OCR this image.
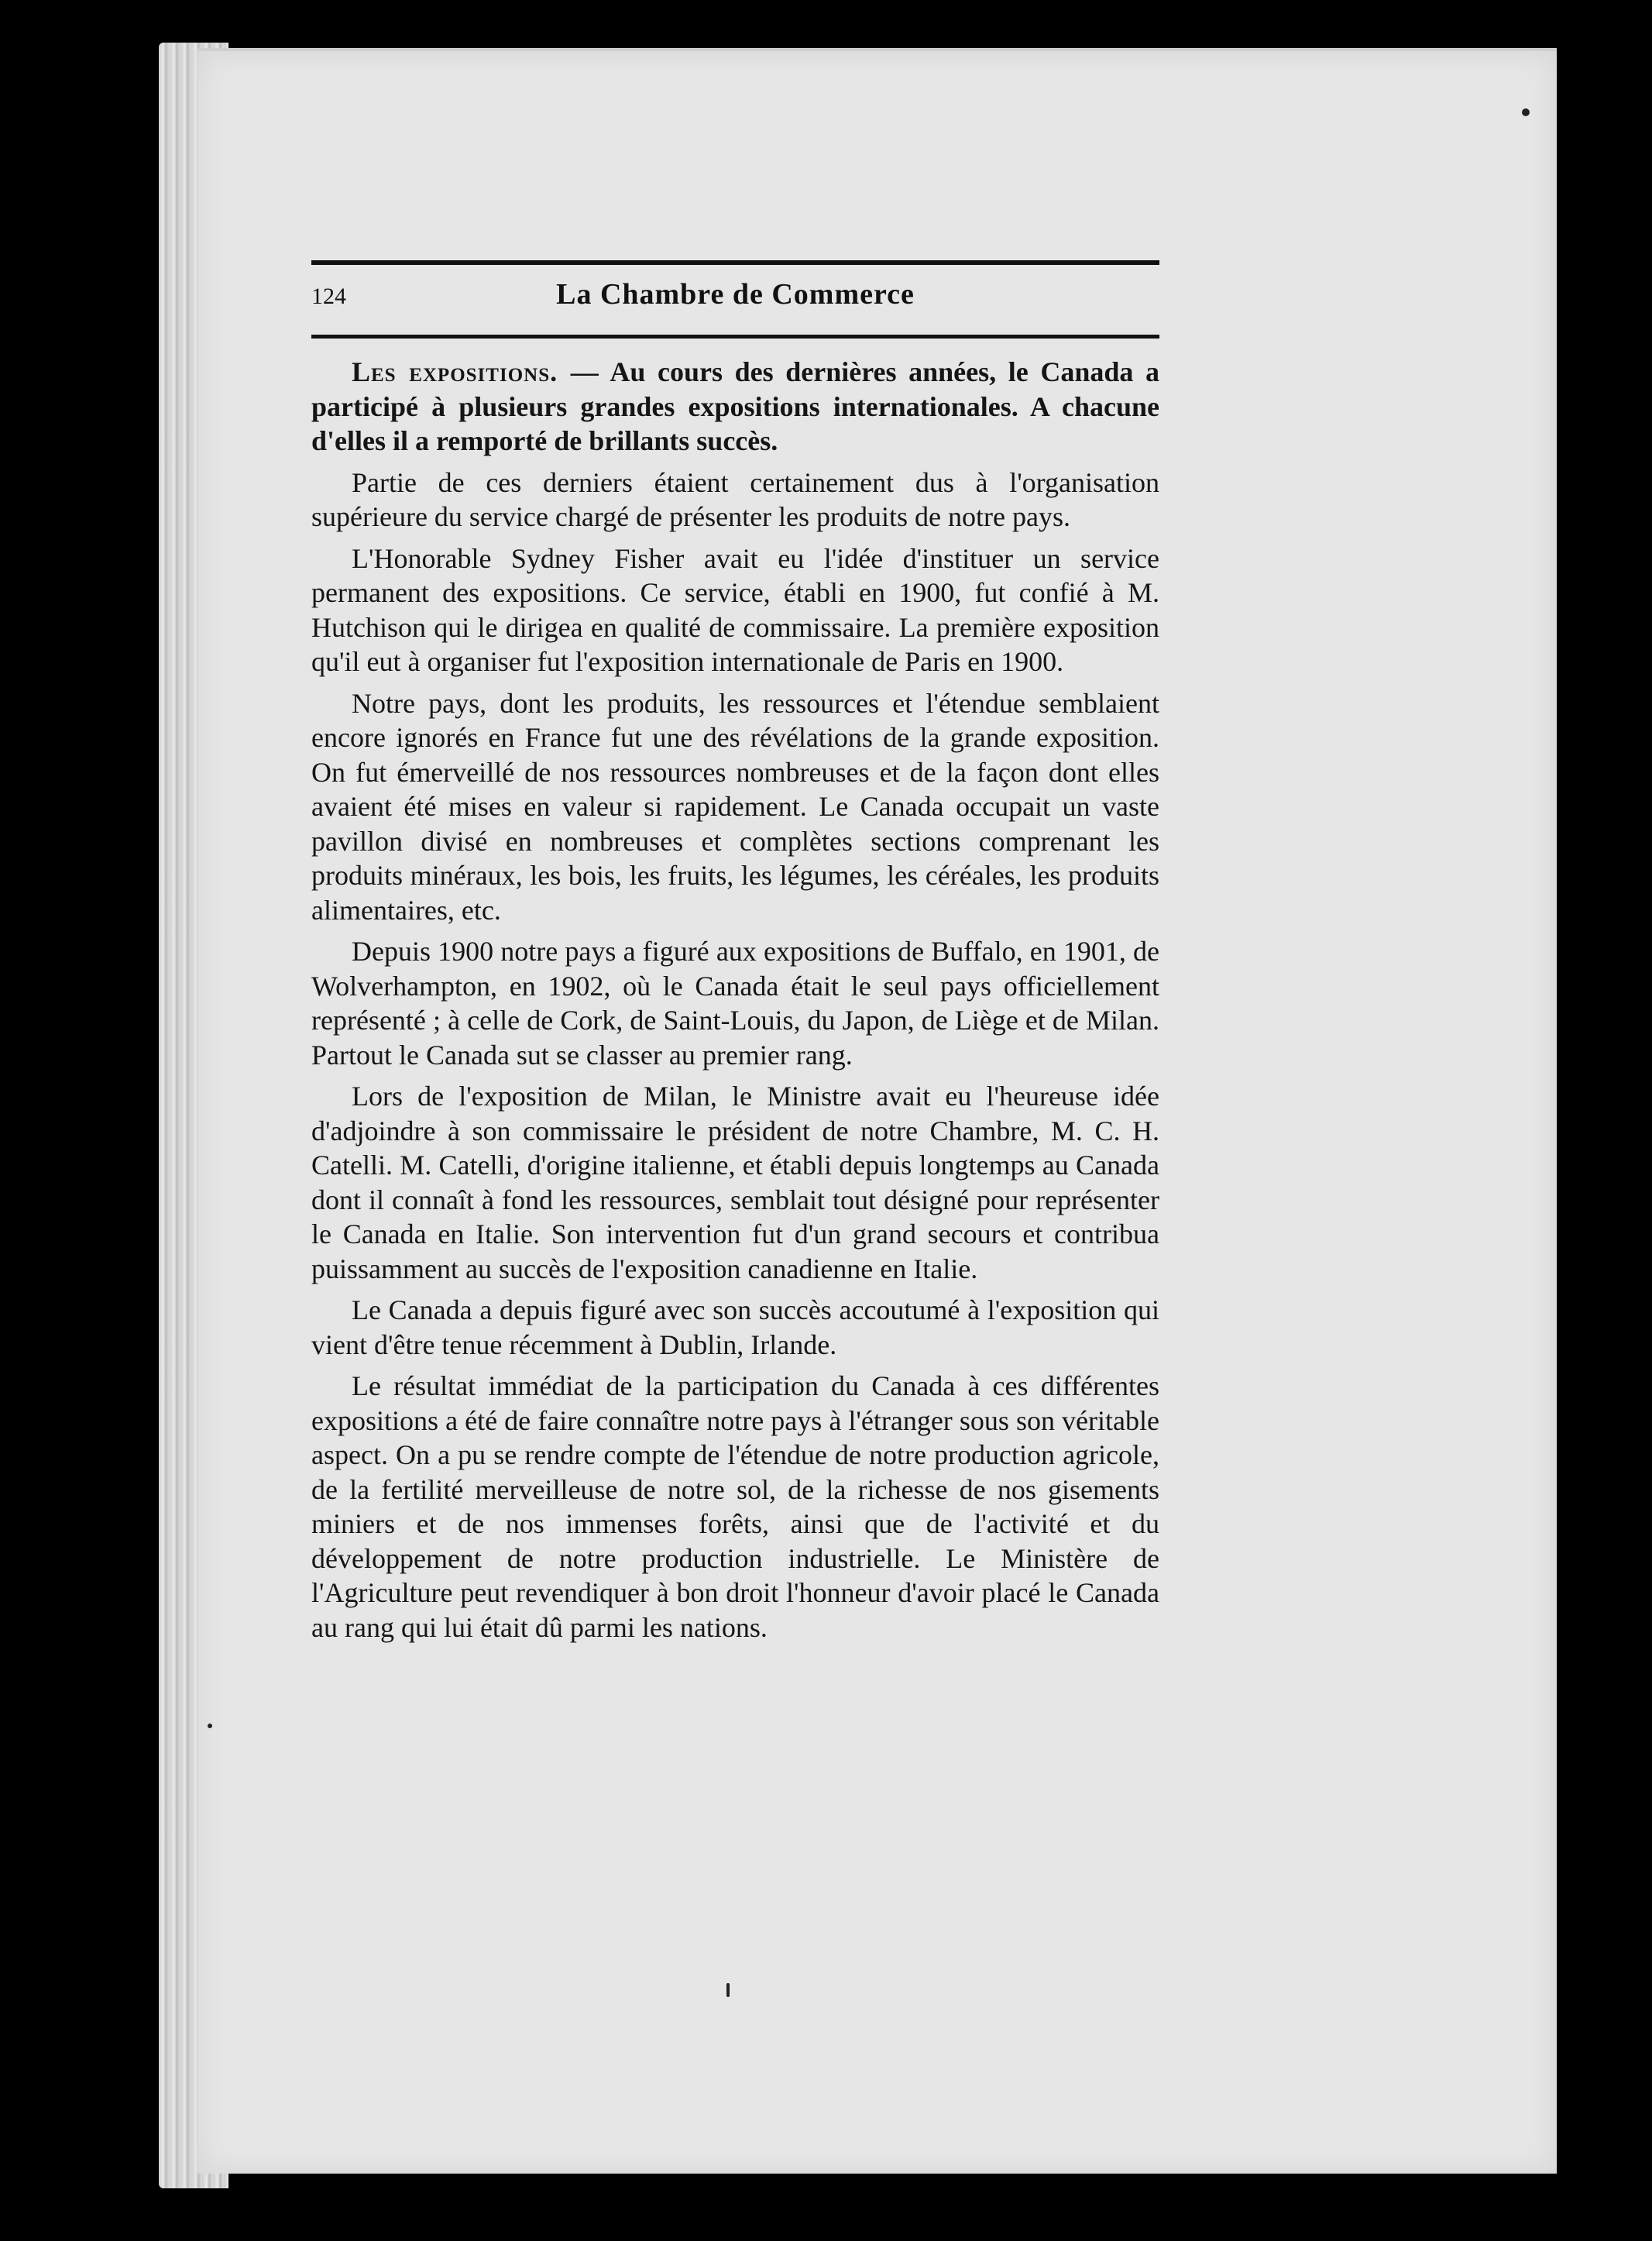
124	La Chambre de Commerce

Les expositions. — Au cours des dernières années, le Canada a participé à plusieurs grandes expositions internationales. A chacune d'elles il a remporté de brillants succès.

Partie de ces derniers étaient certainement dus à l'organisation supérieure du service chargé de présenter les produits de notre pays.

L'Honorable Sydney Fisher avait eu l'idée d'instituer un service permanent des expositions. Ce service, établi en 1900, fut confié à M. Hutchison qui le dirigea en qualité de commissaire. La première exposition qu'il eut à organiser fut l'exposition internationale de Paris en 1900.

Notre pays, dont les produits, les ressources et l'étendue semblaient encore ignorés en France fut une des révélations de la grande exposition. On fut émerveillé de nos ressources nombreuses et de la façon dont elles avaient été mises en valeur si rapidement. Le Canada occupait un vaste pavillon divisé en nombreuses et complètes sections comprenant les produits minéraux, les bois, les fruits, les légumes, les céréales, les produits alimentaires, etc.

Depuis 1900 notre pays a figuré aux expositions de Buffalo, en 1901, de Wolverhampton, en 1902, où le Canada était le seul pays officiellement représenté ; à celle de Cork, de Saint-Louis, du Japon, de Liège et de Milan. Partout le Canada sut se classer au premier rang.

Lors de l'exposition de Milan, le Ministre avait eu l'heureuse idée d'adjoindre à son commissaire le président de notre Chambre, M. C. H. Catelli. M. Catelli, d'origine italienne, et établi depuis longtemps au Canada dont il connaît à fond les ressources, semblait tout désigné pour représenter le Canada en Italie. Son intervention fut d'un grand secours et contribua puissamment au succès de l'exposition canadienne en Italie.

Le Canada a depuis figuré avec son succès accoutumé à l'exposition qui vient d'être tenue récemment à Dublin, Irlande.

Le résultat immédiat de la participation du Canada à ces différentes expositions a été de faire connaître notre pays à l'étranger sous son véritable aspect. On a pu se rendre compte de l'étendue de notre production agricole, de la fertilité merveilleuse de notre sol, de la richesse de nos gisements miniers et de nos immenses forêts, ainsi que de l'activité et du développement de notre production industrielle. Le Ministère de l'Agriculture peut revendiquer à bon droit l'honneur d'avoir placé le Canada au rang qui lui était dû parmi les nations.
